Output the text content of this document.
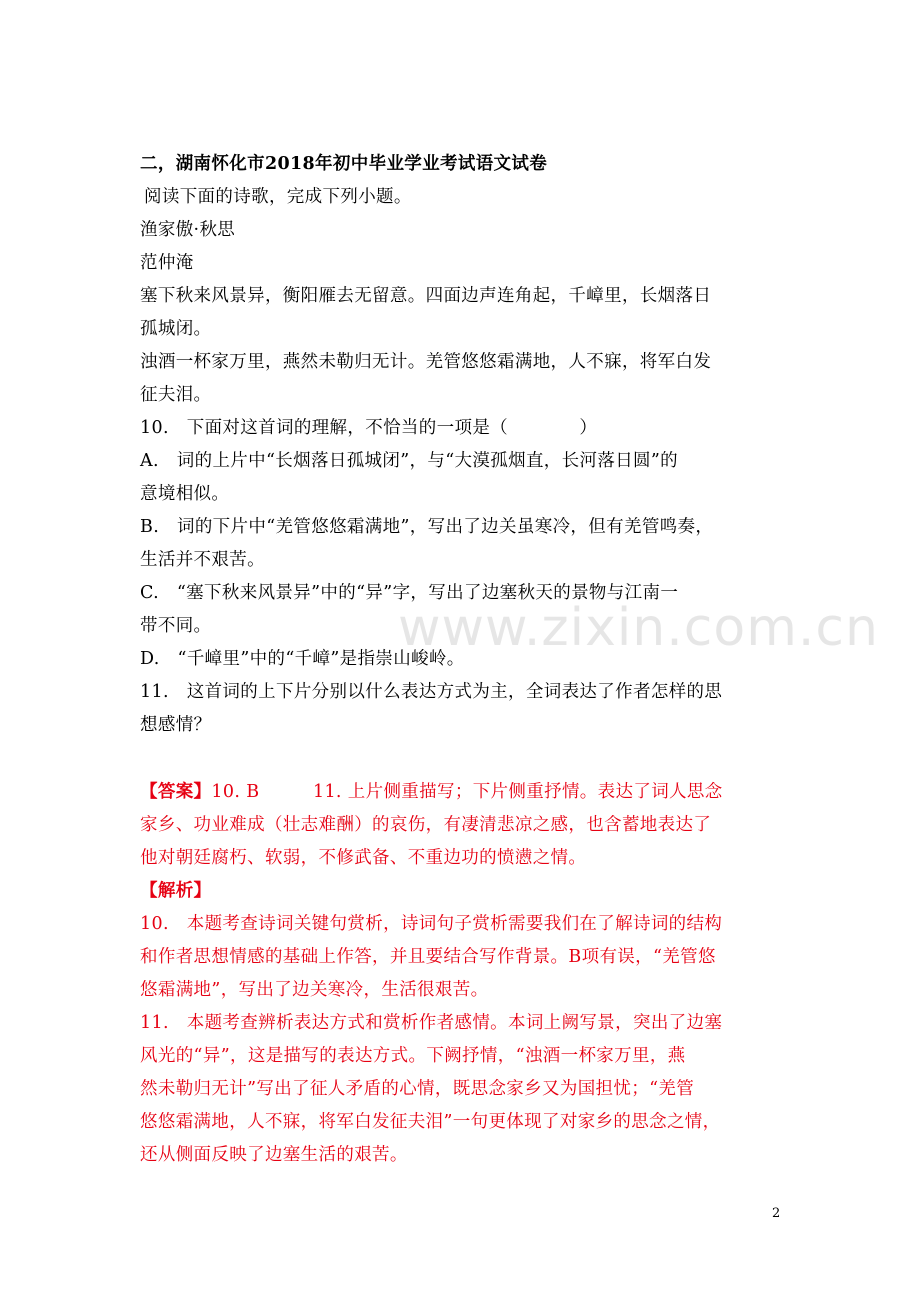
www.zixin.com.cn
二，湖南怀化市2018年初中毕业学业考试语文试卷
阅读下面的诗歌，完成下列小题。
渔家傲·秋思
范仲淹
塞下秋来风景异，衡阳雁去无留意。四面边声连角起，千嶂里，长烟落日
孤城闭。
浊酒一杯家万里，燕然未勒归无计。羌管悠悠霜满地，人不寐，将军白发
征夫泪。
10.　下面对这首词的理解，不恰当的一项是（　　　　）
A.　词的上片中“长烟落日孤城闭”，与“大漠孤烟直，长河落日圆”的
意境相似。
B.　词的下片中“羌管悠悠霜满地”，写出了边关虽寒冷，但有羌管鸣奏，
生活并不艰苦。
C.　“塞下秋来风景异”中的“异”字，写出了边塞秋天的景物与江南一
带不同。
D.　“千嶂里”中的“千嶂”是指崇山峻岭。
11.　这首词的上下片分别以什么表达方式为主，全词表达了作者怎样的思
想感情？
【答案】10. B　　　11. 上片侧重描写；下片侧重抒情。表达了词人思念
家乡、功业难成（壮志难酬）的哀伤，有凄清悲凉之感，也含蓄地表达了
他对朝廷腐朽、软弱，不修武备、不重边功的愤懑之情。
【解析】
10.　本题考查诗词关键句赏析，诗词句子赏析需要我们在了解诗词的结构
和作者思想情感的基础上作答，并且要结合写作背景。B项有误，“羌管悠
悠霜满地”，写出了边关寒冷，生活很艰苦。
11.　本题考查辨析表达方式和赏析作者感情。本词上阙写景，突出了边塞
风光的“异”，这是描写的表达方式。下阙抒情，“浊酒一杯家万里，燕
然未勒归无计”写出了征人矛盾的心情，既思念家乡又为国担忧；“羌管
悠悠霜满地，人不寐，将军白发征夫泪”一句更体现了对家乡的思念之情，
还从侧面反映了边塞生活的艰苦。
2
